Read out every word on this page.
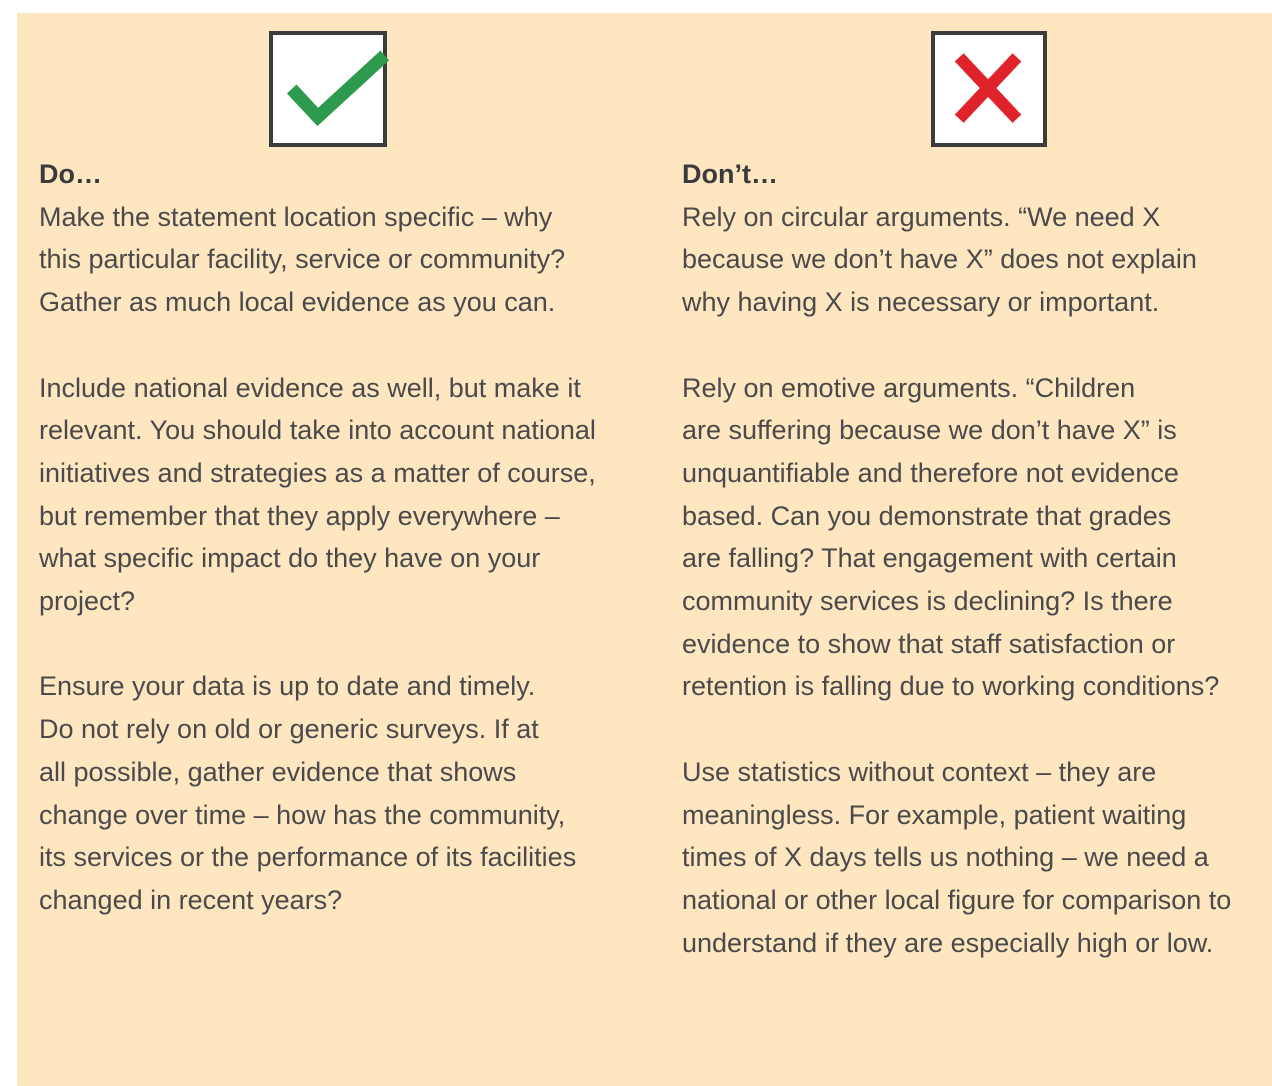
Do…
Make the statement location specific – why
this particular facility, service or community?
Gather as much local evidence as you can.
Include national evidence as well, but make it
relevant. You should take into account national
initiatives and strategies as a matter of course,
but remember that they apply everywhere –
what specific impact do they have on your
project?
Ensure your data is up to date and timely.
Do not rely on old or generic surveys. If at
all possible, gather evidence that shows
change over time – how has the community,
its services or the performance of its facilities
changed in recent years?
Don’t…
Rely on circular arguments. “We need X
because we don’t have X” does not explain
why having X is necessary or important.
Rely on emotive arguments. “Children
are suffering because we don’t have X” is
unquantifiable and therefore not evidence
based. Can you demonstrate that grades
are falling? That engagement with certain
community services is declining? Is there
evidence to show that staff satisfaction or
retention is falling due to working conditions?
Use statistics without context – they are
meaningless. For example, patient waiting
times of X days tells us nothing – we need a
national or other local figure for comparison to
understand if they are especially high or low.
